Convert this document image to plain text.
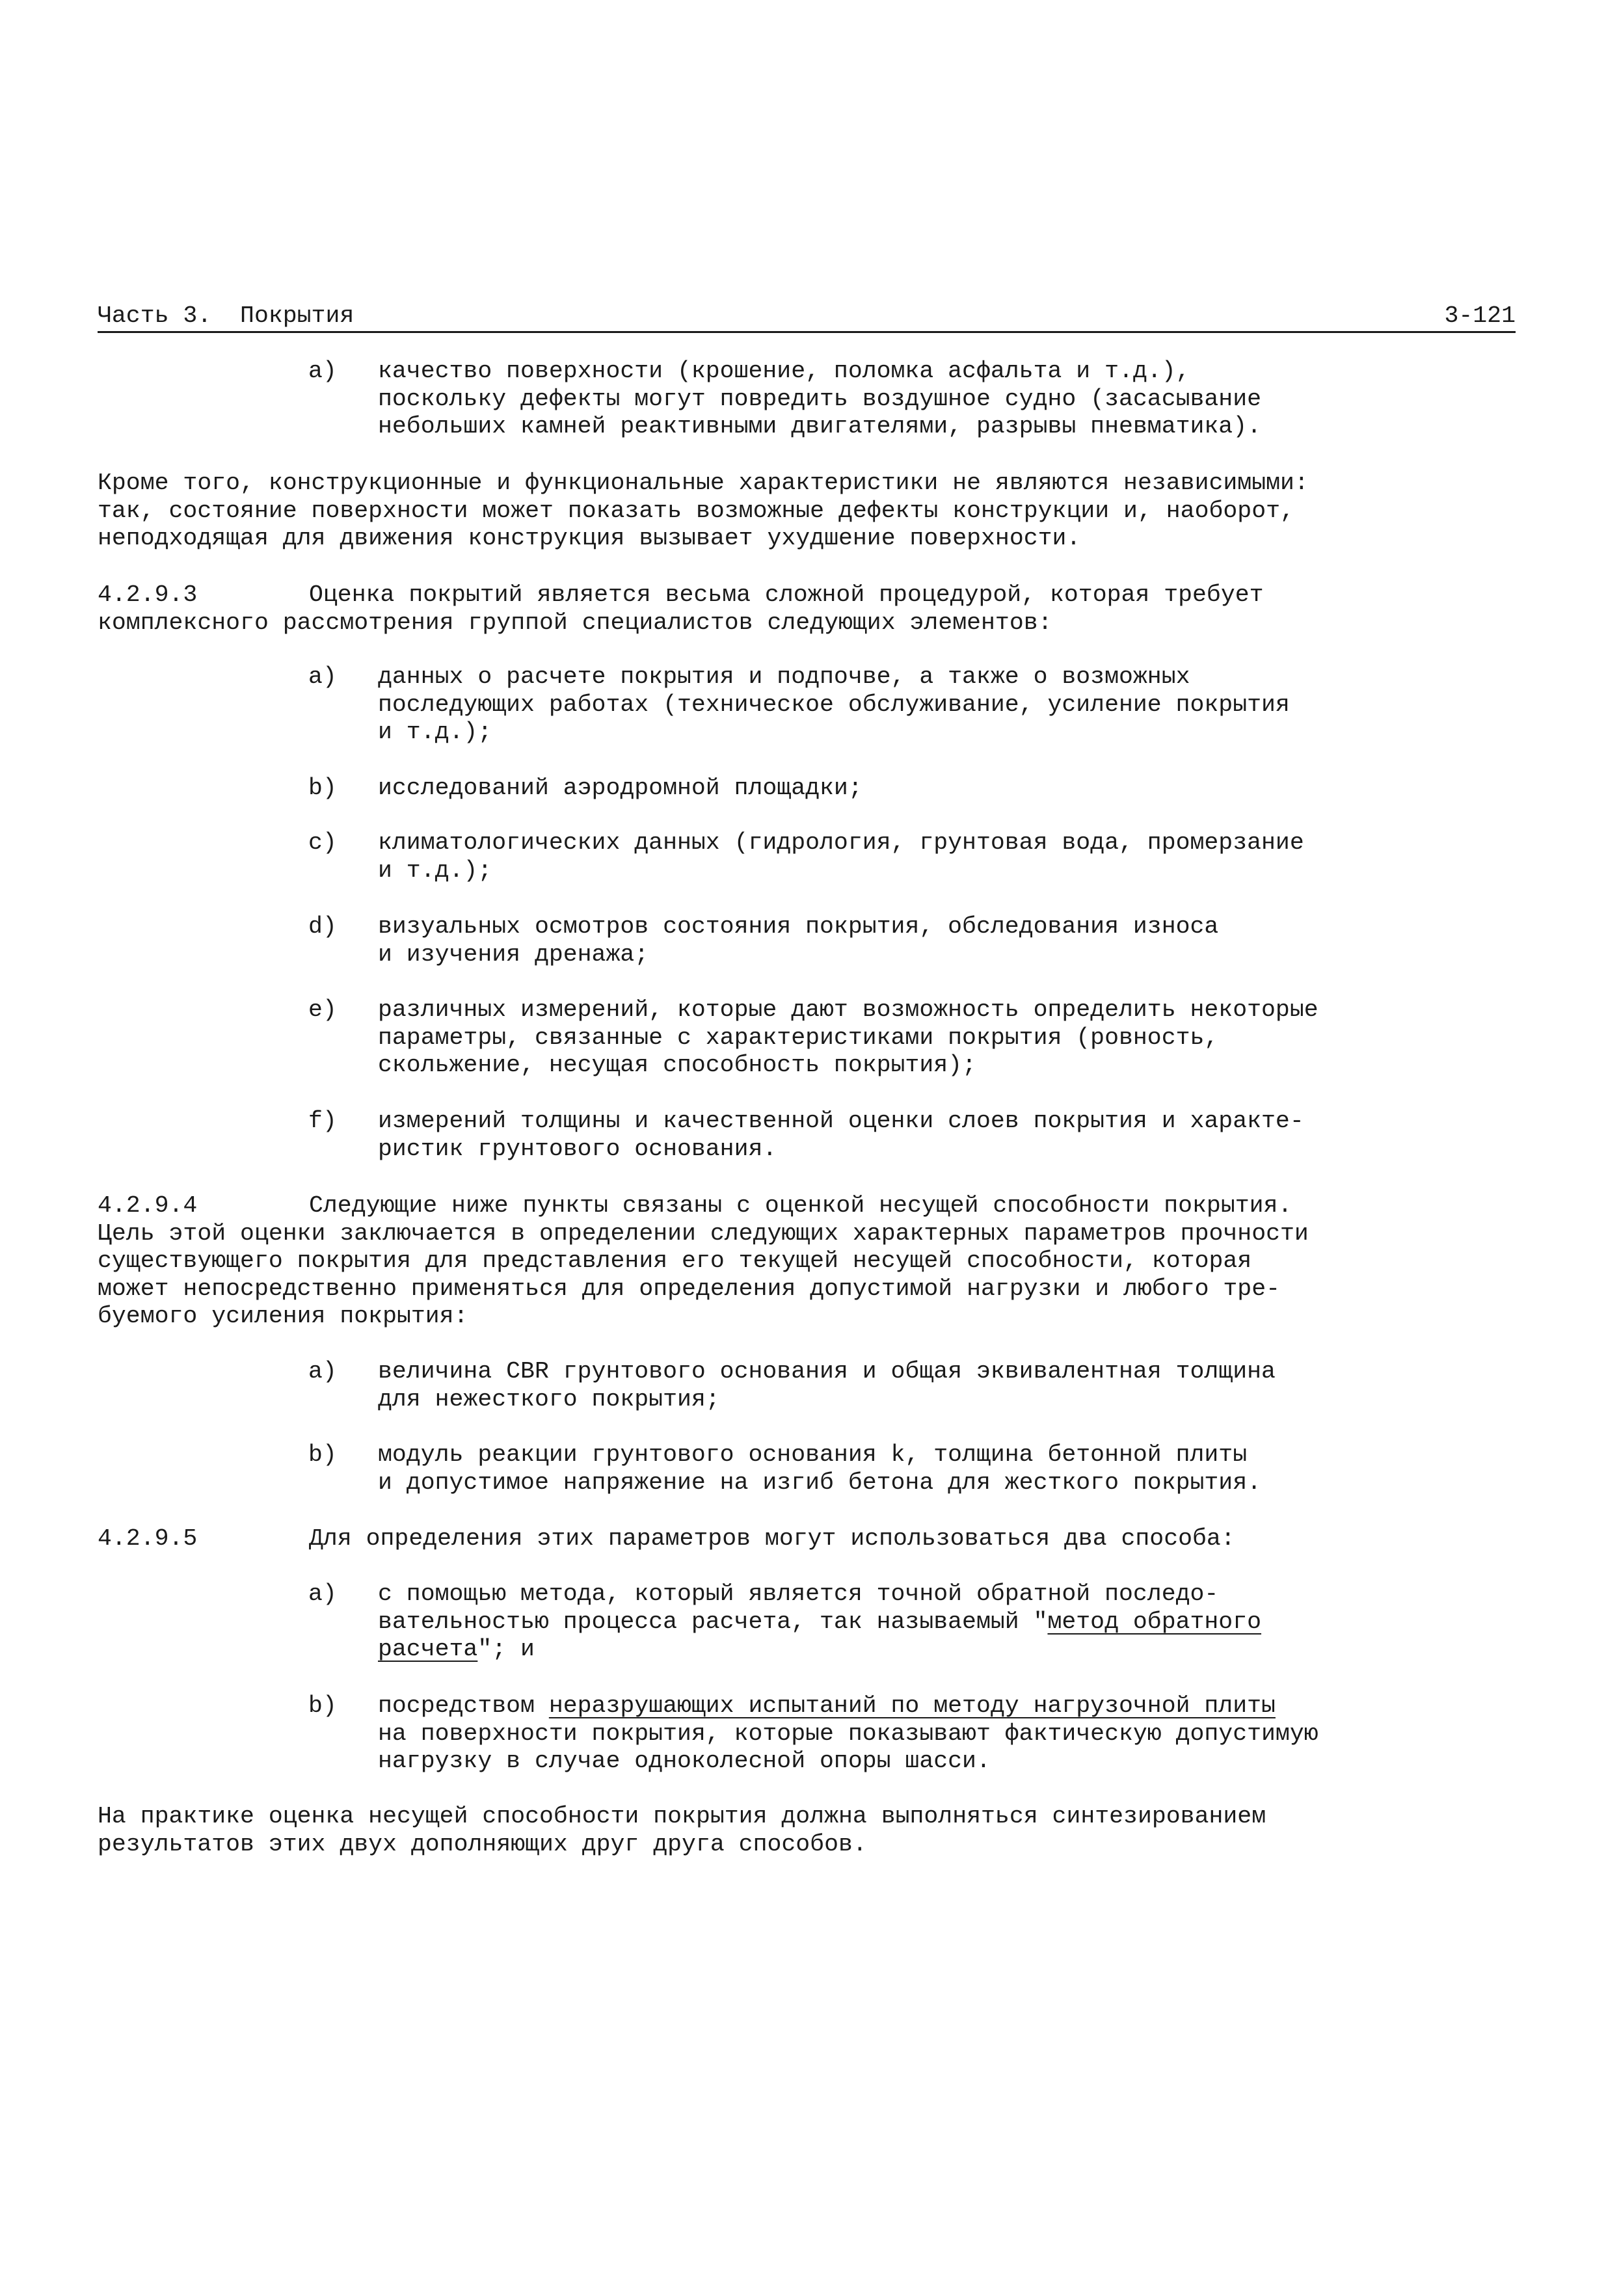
Часть 3.  Покрытия	3-121
а) качество поверхности (крошение, поломка асфальта и т.д.),
поскольку дефекты могут повредить воздушное судно (засасывание
небольших камней реактивными двигателями, разрывы пневматика).
Кроме того, конструкционные и функциональные характеристики не являются независимыми:
так, состояние поверхности может показать возможные дефекты конструкции и, наоборот,
неподходящая для движения конструкция вызывает ухудшение поверхности.
4.2.9.3	Оценка покрытий является весьма сложной процедурой, которая требует
комплексного рассмотрения группой специалистов следующих элементов:
a) данных о расчете покрытия и подпочве, а также о возможных
последующих работах (техническое обслуживание, усиление покрытия
и т.д.);
b) исследований аэродромной площадки;
c) климатологических данных (гидрология, грунтовая вода, промерзание
и т.д.);
d) визуальных осмотров состояния покрытия, обследования износа
и изучения дренажа;
e) различных измерений, которые дают возможность определить некоторые
параметры, связанные с характеристиками покрытия (ровность,
скольжение, несущая способность покрытия);
f) измерений толщины и качественной оценки слоев покрытия и характе-
ристик грунтового основания.
4.2.9.4	Следующие ниже пункты связаны с оценкой несущей способности покрытия.
Цель этой оценки заключается в определении следующих характерных параметров прочности
существующего покрытия для представления его текущей несущей способности, которая
может непосредственно применяться для определения допустимой нагрузки и любого тре-
буемого усиления покрытия:
a) величина CBR грунтового основания и общая эквивалентная толщина
для нежесткого покрытия;
b) модуль реакции грунтового основания k, толщина бетонной плиты
и допустимое напряжение на изгиб бетона для жесткого покрытия.
4.2.9.5	Для определения этих параметров могут использоваться два способа:
a) с помощью метода, который является точной обратной последо-
вательностью процесса расчета, так называемый "метод обратного
расчета"; и
b) посредством неразрушающих испытаний по методу нагрузочной плиты
на поверхности покрытия, которые показывают фактическую допустимую
нагрузку в случае одноколесной опоры шасси.
На практике оценка несущей способности покрытия должна выполняться синтезированием
результатов этих двух дополняющих друг друга способов.
